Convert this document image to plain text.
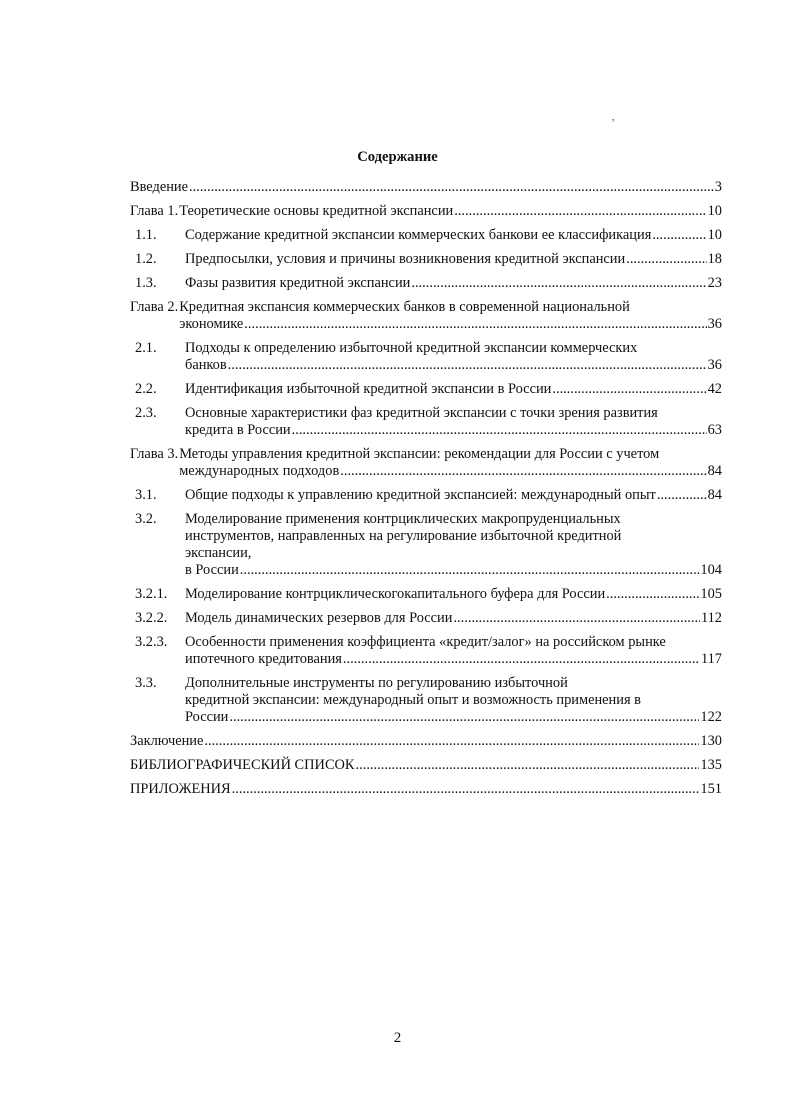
,
Содержание
Введение .....	3
Глава 1. Теоретические основы кредитной экспансии .....	10
1.1.	Содержание кредитной экспансии коммерческих банкови ее классификация .....	10
1.2.	Предпосылки, условия и причины возникновения кредитной экспансии .....	18
1.3.	Фазы развития кредитной экспансии .....	23
Глава 2. Кредитная экспансия коммерческих банков в современной национальной
экономике .....	36
2.1.	Подходы к определению избыточной кредитной экспансии коммерческих
банков .....	36
2.2.	Идентификация избыточной кредитной экспансии в России .....	42
2.3.	Основные характеристики фаз кредитной экспансии с точки зрения развития
кредита в России .....	63
Глава 3. Методы управления кредитной экспансии: рекомендации для России с учетом
международных подходов .....	84
3.1.	Общие подходы к управлению кредитной экспансией: международный опыт .....	84
3.2.	Моделирование применения контрциклических макропруденциальных
инструментов, направленных на регулирование избыточной кредитной
экспансии,
в России .....	104
3.2.1.	Моделирование контрциклическогокапитального буфера для России .....	105
3.2.2.	Модель динамических резервов для России .....	112
3.2.3.	Особенности применения коэффициента «кредит/залог» на российском рынке
ипотечного кредитования .....	117
3.3.	Дополнительные инструменты по регулированию избыточной
кредитной экспансии: международный опыт и возможность применения в
России .....	122
Заключение .....	130
БИБЛИОГРАФИЧЕСКИЙ СПИСОК .....	135
ПРИЛОЖЕНИЯ .....	151
2
